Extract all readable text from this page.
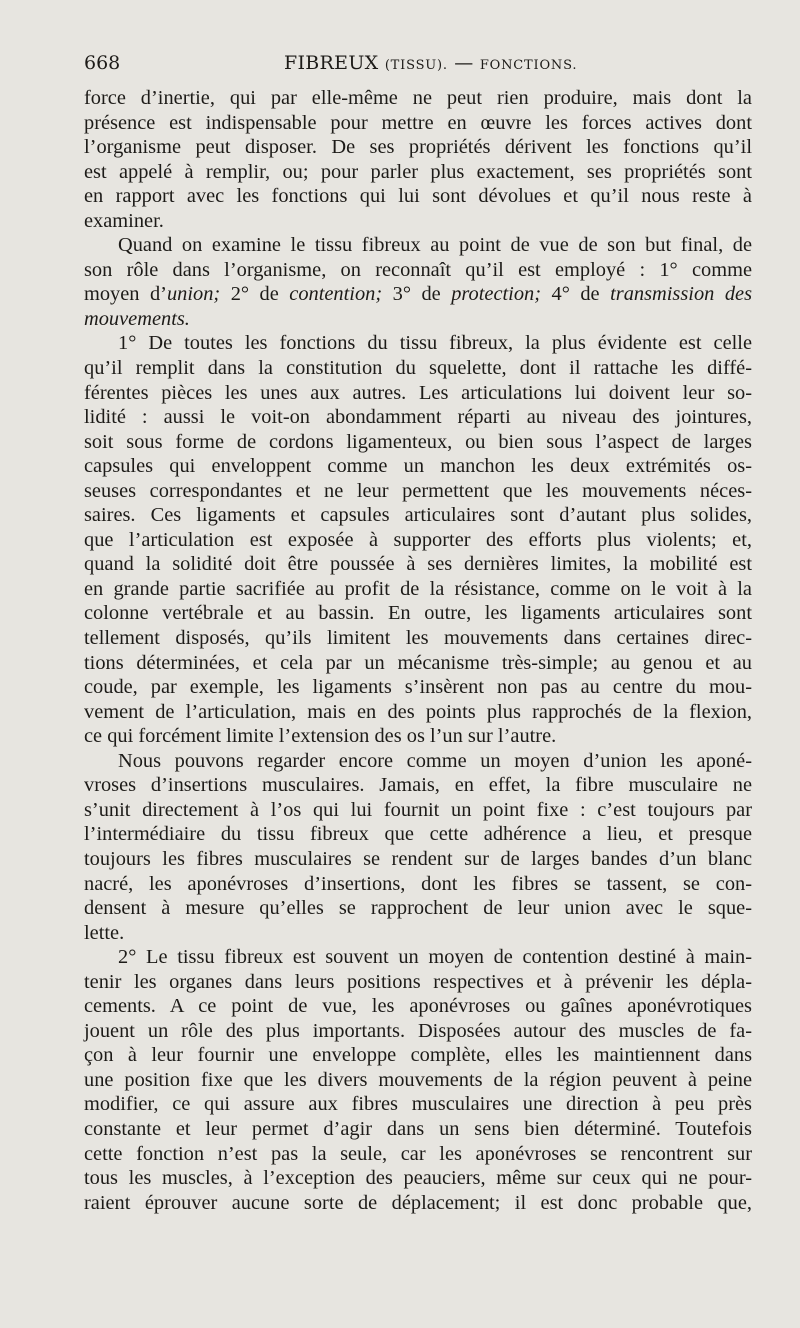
668	FIBREUX (TISSU). — FONCTIONS.
force d’inertie, qui par elle-même ne peut rien produire, mais dont la
présence est indispensable pour mettre en œuvre les forces actives dont
l’organisme peut disposer. De ses propriétés dérivent les fonctions qu’il
est appelé à remplir, ou; pour parler plus exactement, ses propriétés sont
en rapport avec les fonctions qui lui sont dévolues et qu’il nous reste à
examiner.
Quand on examine le tissu fibreux au point de vue de son but final, de
son rôle dans l’organisme, on reconnaît qu’il est employé : 1° comme
moyen d’union; 2° de contention; 3° de protection; 4° de transmission des
mouvements.
1° De toutes les fonctions du tissu fibreux, la plus évidente est celle
qu’il remplit dans la constitution du squelette, dont il rattache les diffé-
férentes pièces les unes aux autres. Les articulations lui doivent leur so-
lidité : aussi le voit-on abondamment réparti au niveau des jointures,
soit sous forme de cordons ligamenteux, ou bien sous l’aspect de larges
capsules qui enveloppent comme un manchon les deux extrémités os-
seuses correspondantes et ne leur permettent que les mouvements néces-
saires. Ces ligaments et capsules articulaires sont d’autant plus solides,
que l’articulation est exposée à supporter des efforts plus violents; et,
quand la solidité doit être poussée à ses dernières limites, la mobilité est
en grande partie sacrifiée au profit de la résistance, comme on le voit à la
colonne vertébrale et au bassin. En outre, les ligaments articulaires sont
tellement disposés, qu’ils limitent les mouvements dans certaines direc-
tions déterminées, et cela par un mécanisme très-simple; au genou et au
coude, par exemple, les ligaments s’insèrent non pas au centre du mou-
vement de l’articulation, mais en des points plus rapprochés de la flexion,
ce qui forcément limite l’extension des os l’un sur l’autre.
Nous pouvons regarder encore comme un moyen d’union les aponé-
vroses d’insertions musculaires. Jamais, en effet, la fibre musculaire ne
s’unit directement à l’os qui lui fournit un point fixe : c’est toujours par
l’intermédiaire du tissu fibreux que cette adhérence a lieu, et presque
toujours les fibres musculaires se rendent sur de larges bandes d’un blanc
nacré, les aponévroses d’insertions, dont les fibres se tassent, se con-
densent à mesure qu’elles se rapprochent de leur union avec le sque-
lette.
2° Le tissu fibreux est souvent un moyen de contention destiné à main-
tenir les organes dans leurs positions respectives et à prévenir les dépla-
cements. A ce point de vue, les aponévroses ou gaînes aponévrotiques
jouent un rôle des plus importants. Disposées autour des muscles de fa-
çon à leur fournir une enveloppe complète, elles les maintiennent dans
une position fixe que les divers mouvements de la région peuvent à peine
modifier, ce qui assure aux fibres musculaires une direction à peu près
constante et leur permet d’agir dans un sens bien déterminé. Toutefois
cette fonction n’est pas la seule, car les aponévroses se rencontrent sur
tous les muscles, à l’exception des peauciers, même sur ceux qui ne pour-
raient éprouver aucune sorte de déplacement; il est donc probable que,
